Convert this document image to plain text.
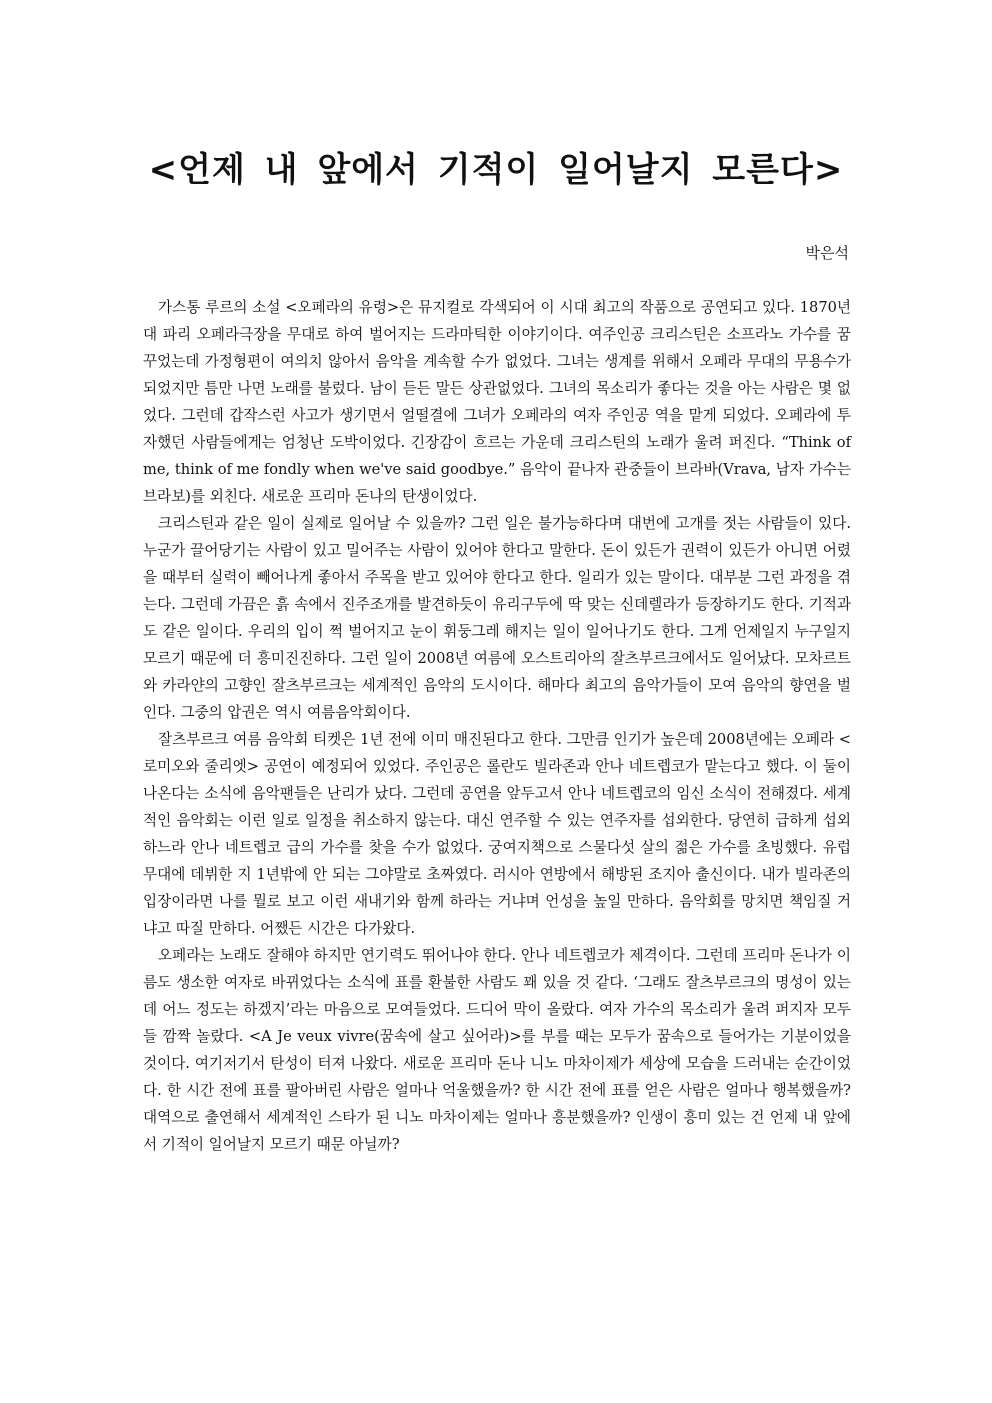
<언제 내 앞에서 기적이 일어날지 모른다>

박은석

가스통 루르의 소설 <오페라의 유령>은 뮤지컬로 각색되어 이 시대 최고의 작품으로 공연되고 있다. 1870년대 파리 오페라극장을 무대로 하여 벌어지는 드라마틱한 이야기이다. 여주인공 크리스틴은 소프라노 가수를 꿈꾸었는데 가정형편이 여의치 않아서 음악을 계속할 수가 없었다. 그녀는 생계를 위해서 오페라 무대의 무용수가 되었지만 틈만 나면 노래를 불렀다. 남이 듣든 말든 상관없었다. 그녀의 목소리가 좋다는 것을 아는 사람은 몇 없었다. 그런데 갑작스런 사고가 생기면서 얼떨결에 그녀가 오페라의 여자 주인공 역을 맡게 되었다. 오페라에 투자했던 사람들에게는 엄청난 도박이었다. 긴장감이 흐르는 가운데 크리스틴의 노래가 울려 퍼진다. “Think of me, think of me fondly when we've said goodbye.” 음악이 끝나자 관중들이 브라바(Vrava, 남자 가수는 브라보)를 외친다. 새로운 프리마 돈나의 탄생이었다.

크리스틴과 같은 일이 실제로 일어날 수 있을까? 그런 일은 불가능하다며 대번에 고개를 젓는 사람들이 있다. 누군가 끌어당기는 사람이 있고 밀어주는 사람이 있어야 한다고 말한다. 돈이 있든가 권력이 있든가 아니면 어렸을 때부터 실력이 빼어나게 좋아서 주목을 받고 있어야 한다고 한다. 일리가 있는 말이다. 대부분 그런 과정을 겪는다. 그런데 가끔은 흙 속에서 진주조개를 발견하듯이 유리구두에 딱 맞는 신데렐라가 등장하기도 한다. 기적과도 같은 일이다. 우리의 입이 쩍 벌어지고 눈이 휘둥그레 해지는 일이 일어나기도 한다. 그게 언제일지 누구일지 모르기 때문에 더 흥미진진하다. 그런 일이 2008년 여름에 오스트리아의 잘츠부르크에서도 일어났다. 모차르트와 카라얀의 고향인 잘츠부르크는 세계적인 음악의 도시이다. 해마다 최고의 음악가들이 모여 음악의 향연을 벌인다. 그중의 압권은 역시 여름음악회이다.

잘츠부르크 여름 음악회 티켓은 1년 전에 이미 매진된다고 한다. 그만큼 인기가 높은데 2008년에는 오페라 <로미오와 줄리엣> 공연이 예정되어 있었다. 주인공은 롤란도 빌라존과 안나 네트렙코가 맡는다고 했다. 이 둘이 나온다는 소식에 음악팬들은 난리가 났다. 그런데 공연을 앞두고서 안나 네트렙코의 임신 소식이 전해졌다. 세계적인 음악회는 이런 일로 일정을 취소하지 않는다. 대신 연주할 수 있는 연주자를 섭외한다. 당연히 급하게 섭외하느라 안나 네트렙코 급의 가수를 찾을 수가 없었다. 궁여지책으로 스물다섯 살의 젊은 가수를 초빙했다. 유럽 무대에 데뷔한 지 1년밖에 안 되는 그야말로 초짜였다. 러시아 연방에서 해방된 조지아 출신이다. 내가 빌라존의 입장이라면 나를 뭘로 보고 이런 새내기와 함께 하라는 거냐며 언성을 높일 만하다. 음악회를 망치면 책임질 거냐고 따질 만하다. 어쨌든 시간은 다가왔다.

오페라는 노래도 잘해야 하지만 연기력도 뛰어나야 한다. 안나 네트렙코가 제격이다. 그런데 프리마 돈나가 이름도 생소한 여자로 바뀌었다는 소식에 표를 환불한 사람도 꽤 있을 것 같다. ‘그래도 잘츠부르크의 명성이 있는데 어느 정도는 하겠지’라는 마음으로 모여들었다. 드디어 막이 올랐다. 여자 가수의 목소리가 울려 퍼지자 모두들 깜짝 놀랐다. <A Je veux vivre(꿈속에 살고 싶어라)>를 부를 때는 모두가 꿈속으로 들어가는 기분이었을 것이다. 여기저기서 탄성이 터져 나왔다. 새로운 프리마 돈나 니노 마차이제가 세상에 모습을 드러내는 순간이었다. 한 시간 전에 표를 팔아버린 사람은 얼마나 억울했을까? 한 시간 전에 표를 얻은 사람은 얼마나 행복했을까? 대역으로 출연해서 세계적인 스타가 된 니노 마차이제는 얼마나 흥분했을까? 인생이 흥미 있는 건 언제 내 앞에서 기적이 일어날지 모르기 때문 아닐까?
